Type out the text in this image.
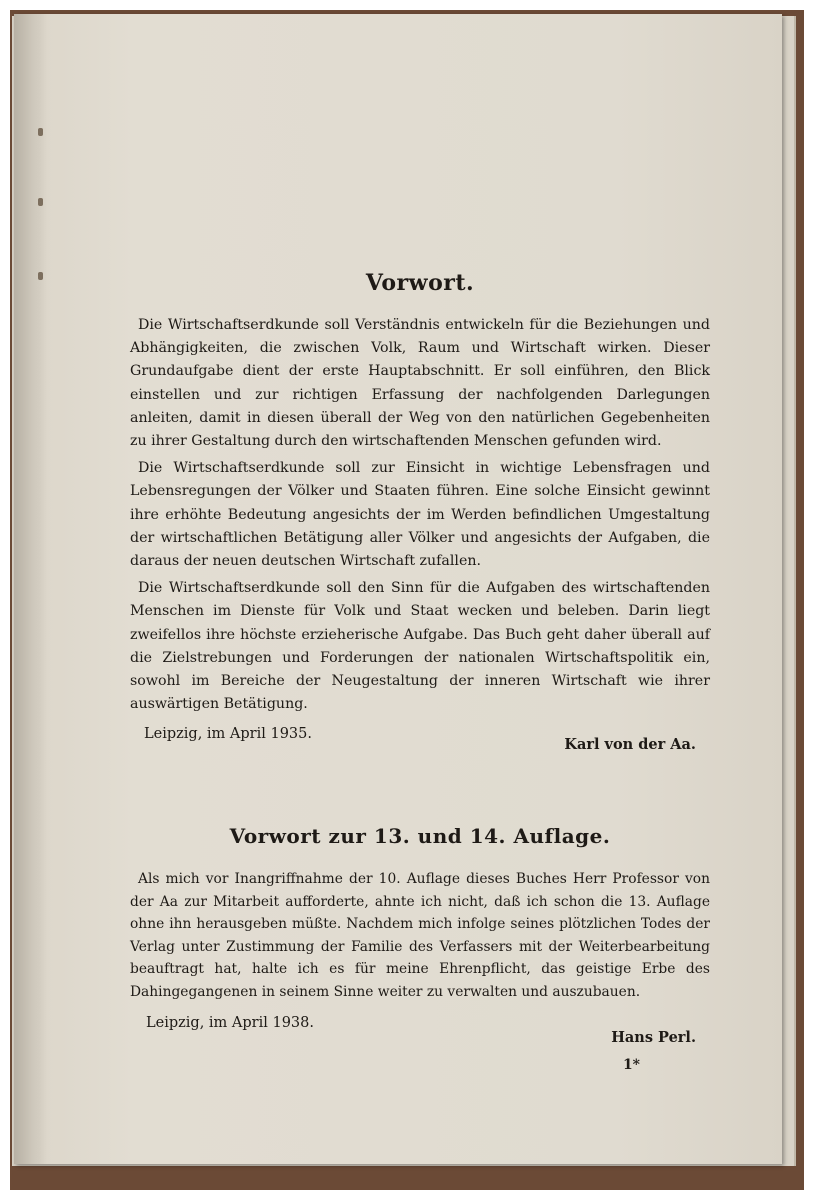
Vorwort.

Die Wirtschaftserdkunde soll Verständnis entwickeln für die Beziehungen und Abhängigkeiten, die zwischen Volk, Raum und Wirtschaft wirken. Dieser Grundaufgabe dient der erste Hauptabschnitt. Er soll einführen, den Blick einstellen und zur richtigen Erfassung der nachfolgenden Darlegungen anleiten, damit in diesen überall der Weg von den natürlichen Gegebenheiten zu ihrer Gestaltung durch den wirtschaftenden Menschen gefunden wird.

Die Wirtschaftserdkunde soll zur Einsicht in wichtige Lebensfragen und Lebensregungen der Völker und Staaten führen. Eine solche Einsicht gewinnt ihre erhöhte Bedeutung angesichts der im Werden befindlichen Umgestaltung der wirtschaftlichen Betätigung aller Völker und angesichts der Aufgaben, die daraus der neuen deutschen Wirtschaft zufallen.

Die Wirtschaftserdkunde soll den Sinn für die Aufgaben des wirtschaftenden Menschen im Dienste für Volk und Staat wecken und beleben. Darin liegt zweifellos ihre höchste erzieherische Aufgabe. Das Buch geht daher überall auf die Zielstrebungen und Forderungen der nationalen Wirtschaftspolitik ein, sowohl im Bereiche der Neugestaltung der inneren Wirtschaft wie ihrer auswärtigen Betätigung.

Leipzig, im April 1935.
Karl von der Aa.
Vorwort zur 13. und 14. Auflage.

Als mich vor Inangriffnahme der 10. Auflage dieses Buches Herr Professor von der Aa zur Mitarbeit aufforderte, ahnte ich nicht, daß ich schon die 13. Auflage ohne ihn herausgeben müßte. Nachdem mich infolge seines plötzlichen Todes der Verlag unter Zustimmung der Familie des Verfassers mit der Weiterbearbeitung beauftragt hat, halte ich es für meine Ehrenpflicht, das geistige Erbe des Dahingegangenen in seinem Sinne weiter zu verwalten und auszubauen.

Leipzig, im April 1938.
Hans Perl.
1*
